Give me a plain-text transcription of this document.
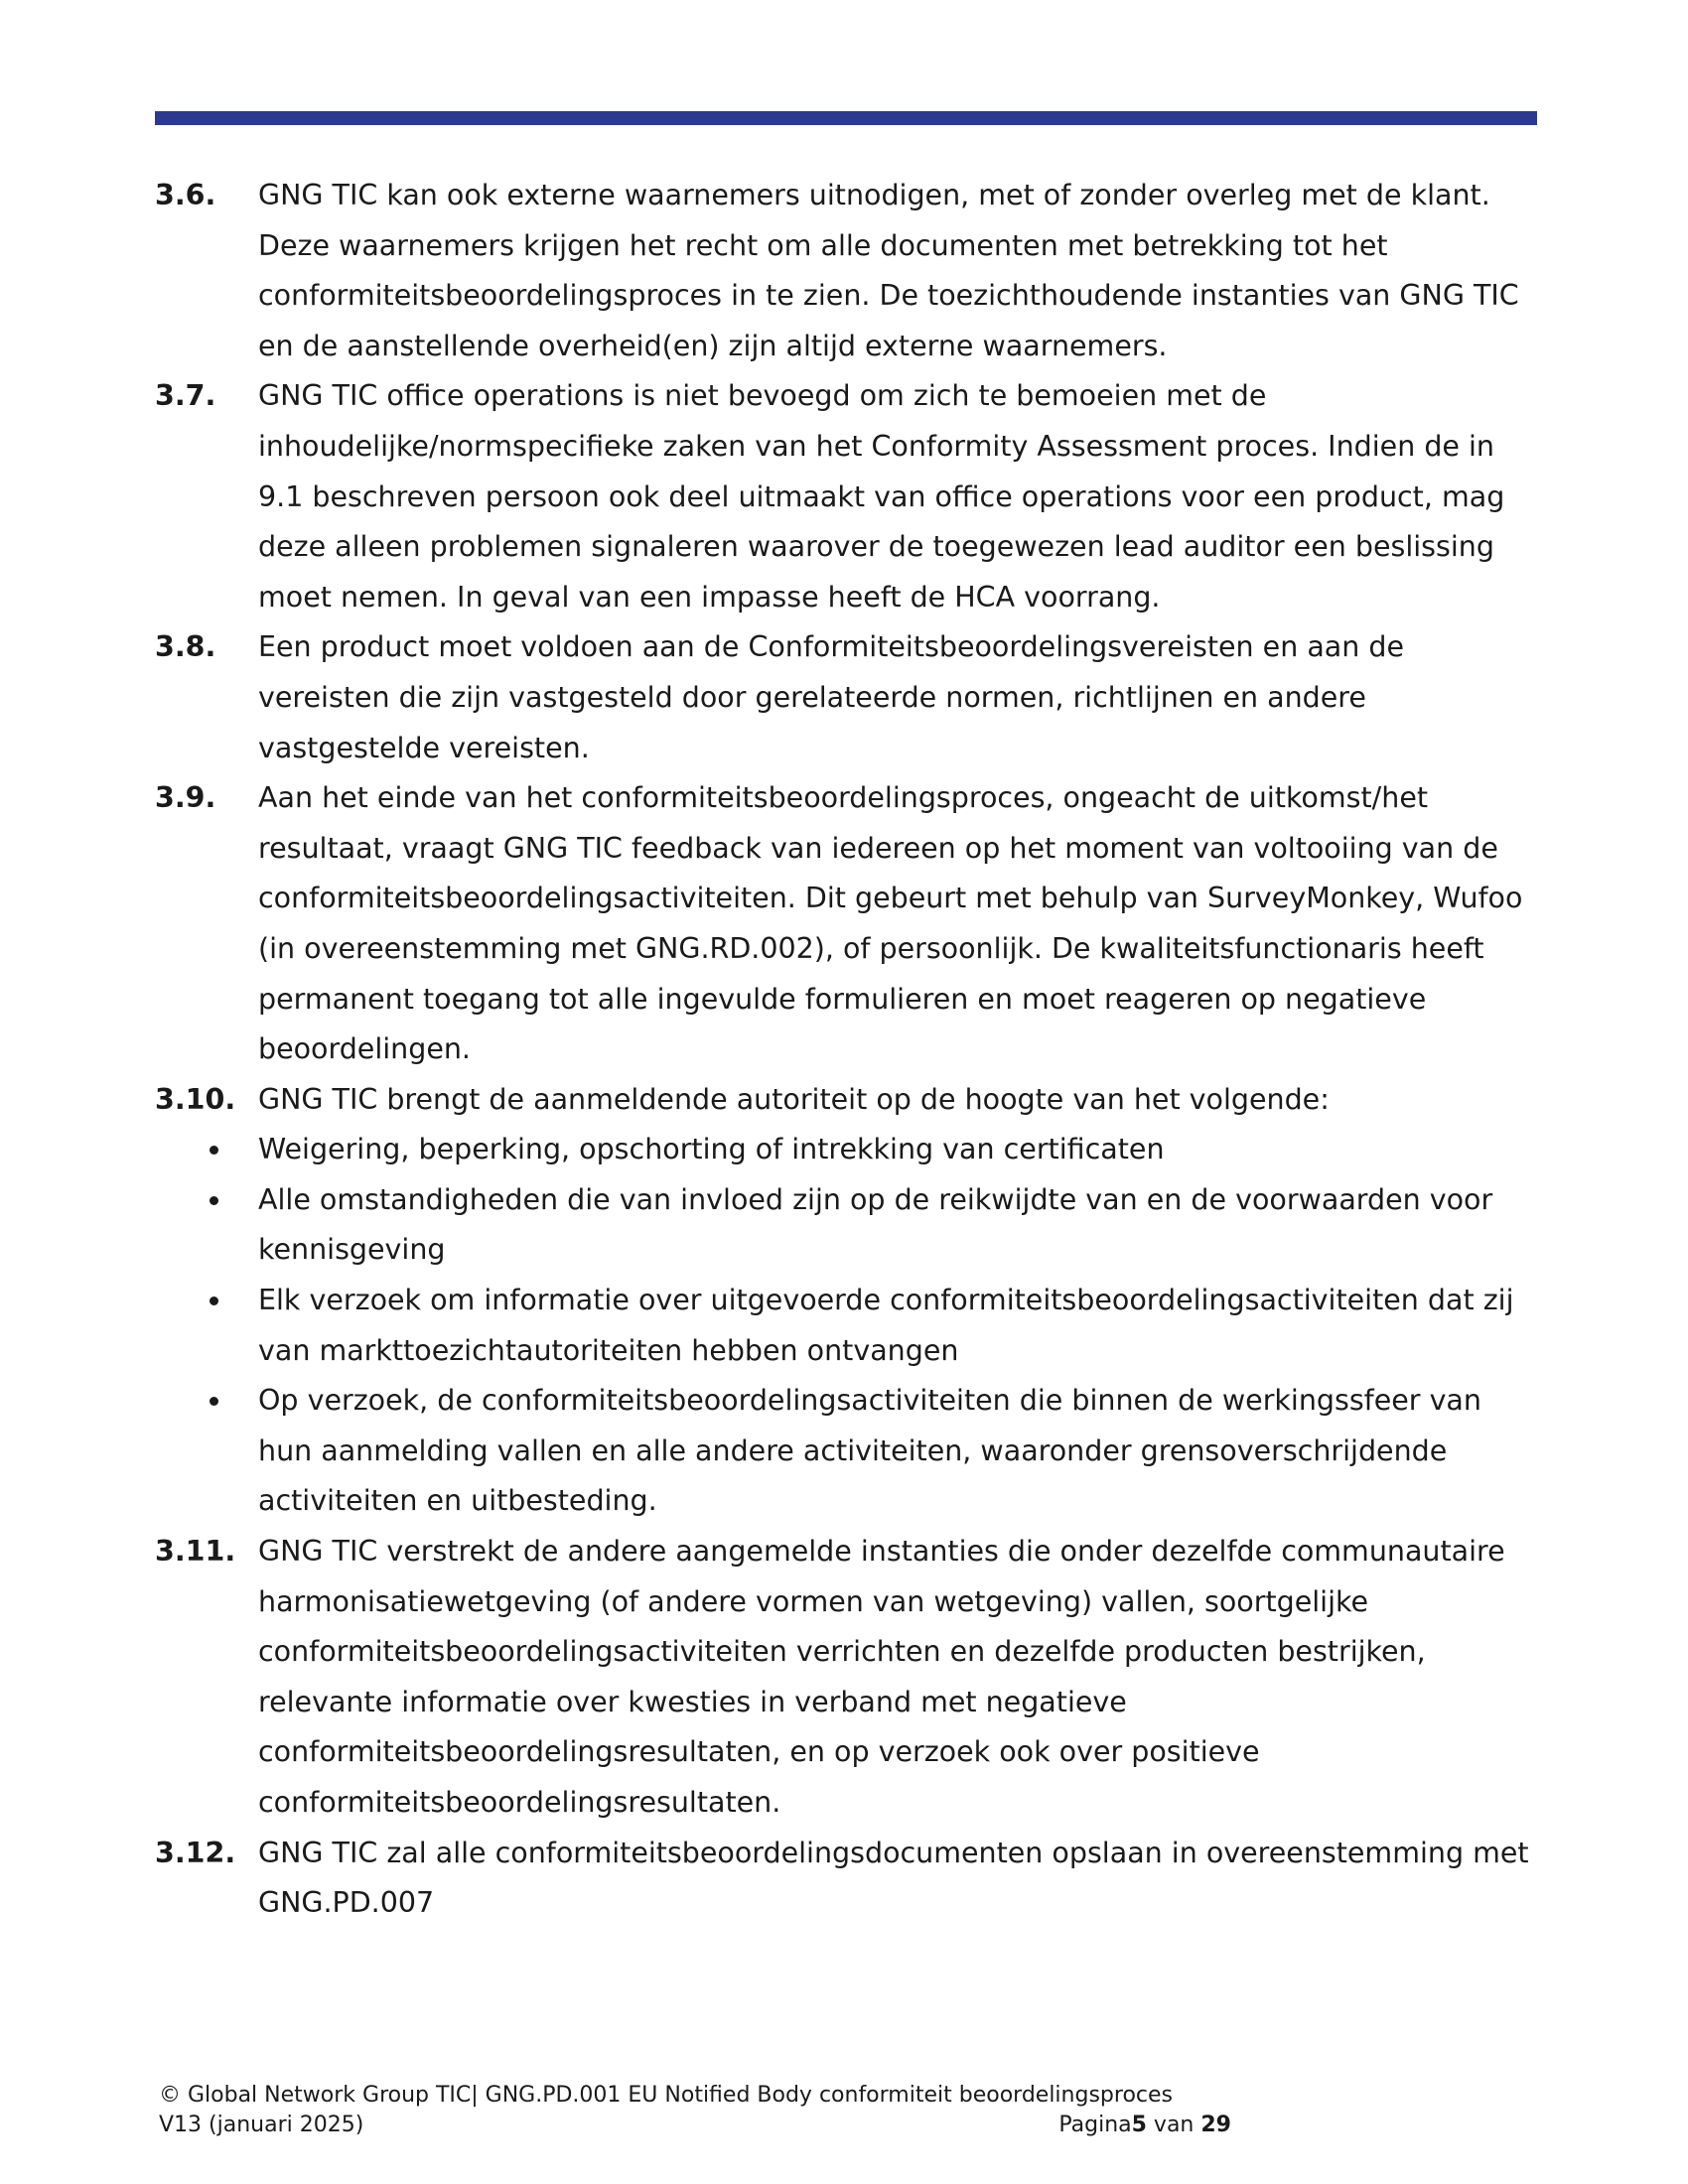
3.6.	GNG TIC kan ook externe waarnemers uitnodigen, met of zonder overleg met de klant. Deze waarnemers krijgen het recht om alle documenten met betrekking tot het conformiteitsbeoordelingsproces in te zien. De toezichthoudende instanties van GNG TIC en de aanstellende overheid(en) zijn altijd externe waarnemers.
3.7.	GNG TIC office operations is niet bevoegd om zich te bemoeien met de inhoudelijke/normspecifieke zaken van het Conformity Assessment proces. Indien de in 9.1 beschreven persoon ook deel uitmaakt van office operations voor een product, mag deze alleen problemen signaleren waarover de toegewezen lead auditor een beslissing moet nemen. In geval van een impasse heeft de HCA voorrang.
3.8.	Een product moet voldoen aan de Conformiteitsbeoordelingsvereisten en aan de vereisten die zijn vastgesteld door gerelateerde normen, richtlijnen en andere vastgestelde vereisten.
3.9.	Aan het einde van het conformiteitsbeoordelingsproces, ongeacht de uitkomst/het resultaat, vraagt GNG TIC feedback van iedereen op het moment van voltooiing van de conformiteitsbeoordelingsactiviteiten. Dit gebeurt met behulp van SurveyMonkey, Wufoo (in overeenstemming met GNG.RD.002), of persoonlijk. De kwaliteitsfunctionaris heeft permanent toegang tot alle ingevulde formulieren en moet reageren op negatieve beoordelingen.
3.10. GNG TIC brengt de aanmeldende autoriteit op de hoogte van het volgende:
Weigering, beperking, opschorting of intrekking van certificaten
Alle omstandigheden die van invloed zijn op de reikwijdte van en de voorwaarden voor kennisgeving
Elk verzoek om informatie over uitgevoerde conformiteitsbeoordelingsactiviteiten dat zij van markttoezichtautoriteiten hebben ontvangen
Op verzoek, de conformiteitsbeoordelingsactiviteiten die binnen de werkingssfeer van hun aanmelding vallen en alle andere activiteiten, waaronder grensoverschrijdende activiteiten en uitbesteding.
3.11. GNG TIC verstrekt de andere aangemelde instanties die onder dezelfde communautaire harmonisatiewetgeving (of andere vormen van wetgeving) vallen, soortgelijke conformiteitsbeoordelingsactiviteiten verrichten en dezelfde producten bestrijken, relevante informatie over kwesties in verband met negatieve conformiteitsbeoordelingsresultaten, en op verzoek ook over positieve conformiteitsbeoordelingsresultaten.
3.12. GNG TIC zal alle conformiteitsbeoordelingsdocumenten opslaan in overeenstemming met GNG.PD.007
© Global Network Group TIC| GNG.PD.001 EU Notified Body conformiteit beoordelingsproces
V13 (januari 2025)	Pagina5 van 29
